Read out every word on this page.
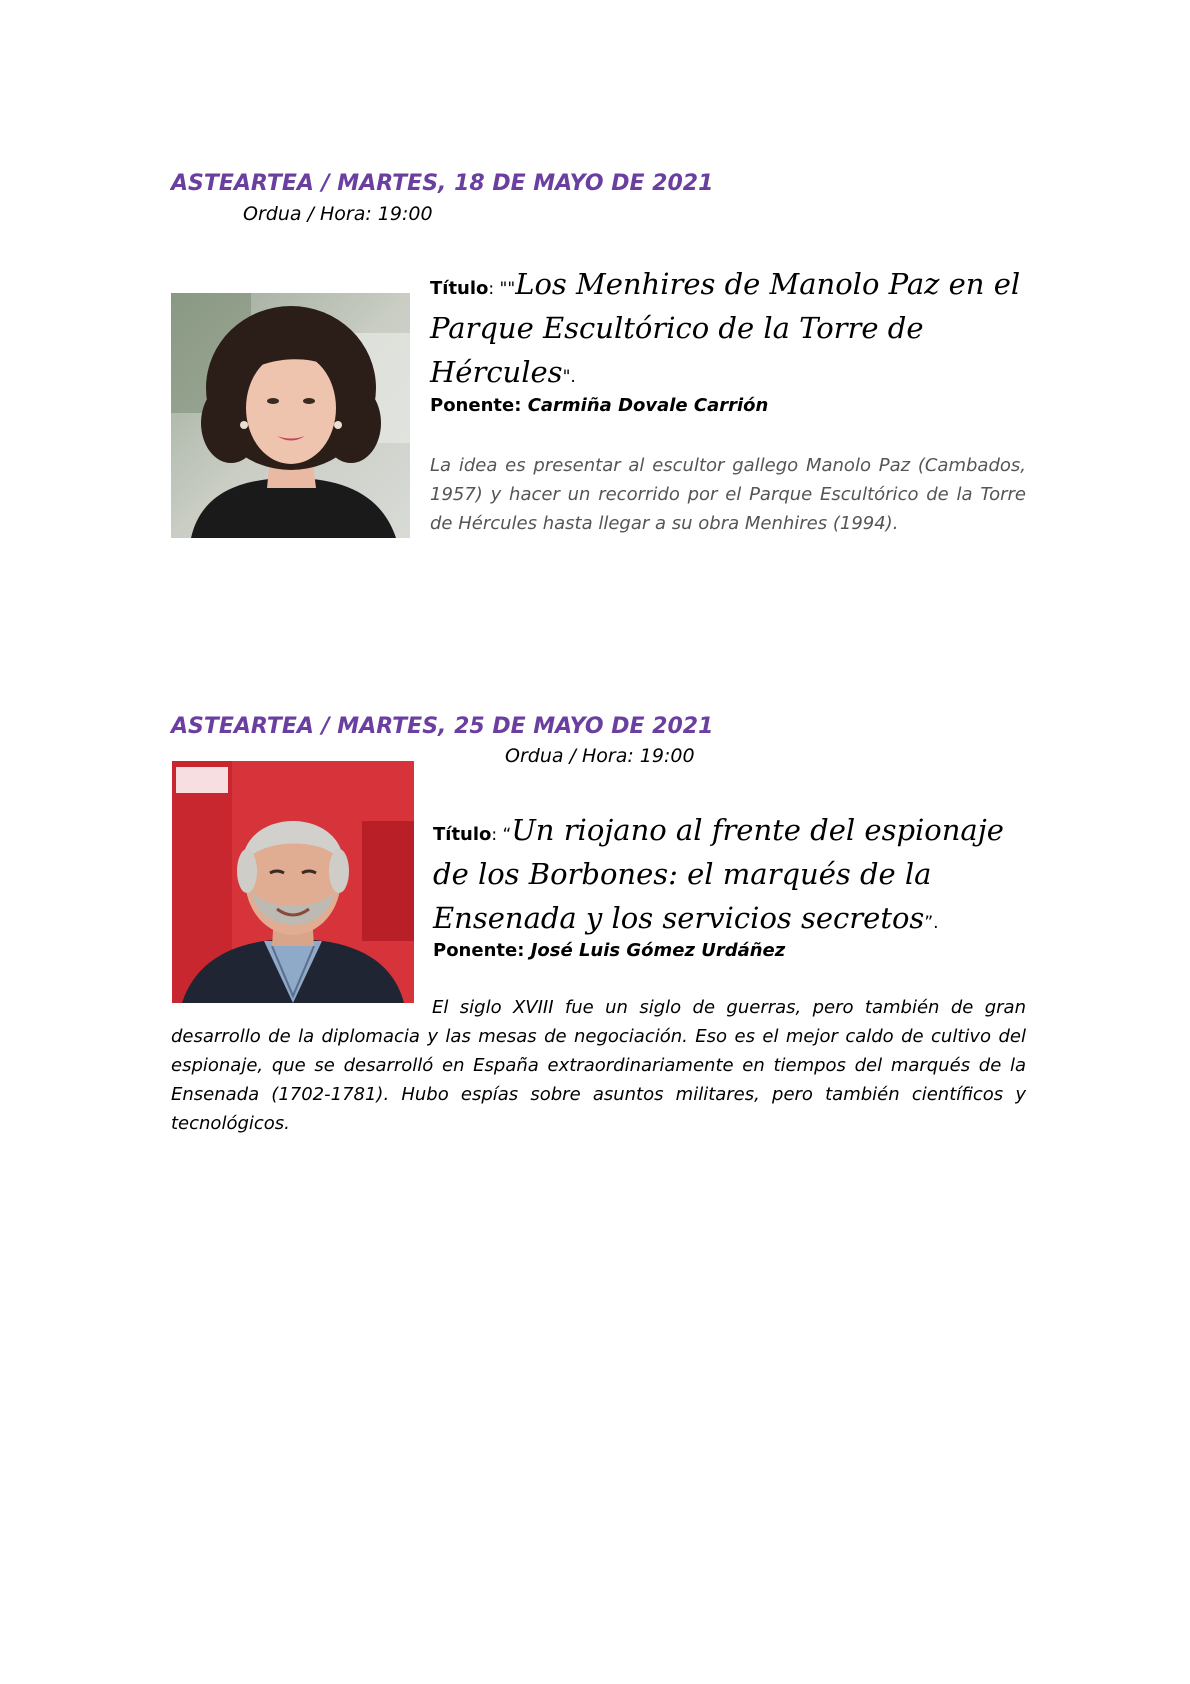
ASTEARTEA / MARTES, 18 DE MAYO DE 2021

Ordua / Hora: 19:00

Título: ""Los Menhires de Manolo Paz en el Parque Escultórico de la Torre de Hércules".

Ponente: Carmiña Dovale Carrión

La idea es presentar al escultor gallego Manolo Paz (Cambados, 1957) y hacer un recorrido por el Parque Escultórico de la Torre de Hércules hasta llegar a su obra Menhires (1994).

ASTEARTEA / MARTES, 25 DE MAYO DE 2021

Ordua / Hora: 19:00

Título: “Un riojano al frente del espionaje de los Borbones: el marqués de la Ensenada y los servicios secretos”.

Ponente: José Luis Gómez Urdáñez

El siglo XVIII fue un siglo de guerras, pero también de gran desarrollo de la diplomacia y las mesas de negociación. Eso es el mejor caldo de cultivo del espionaje, que se desarrolló en España extraordinariamente en tiempos del marqués de la Ensenada (1702-1781). Hubo espías sobre asuntos militares, pero también científicos y tecnológicos.
